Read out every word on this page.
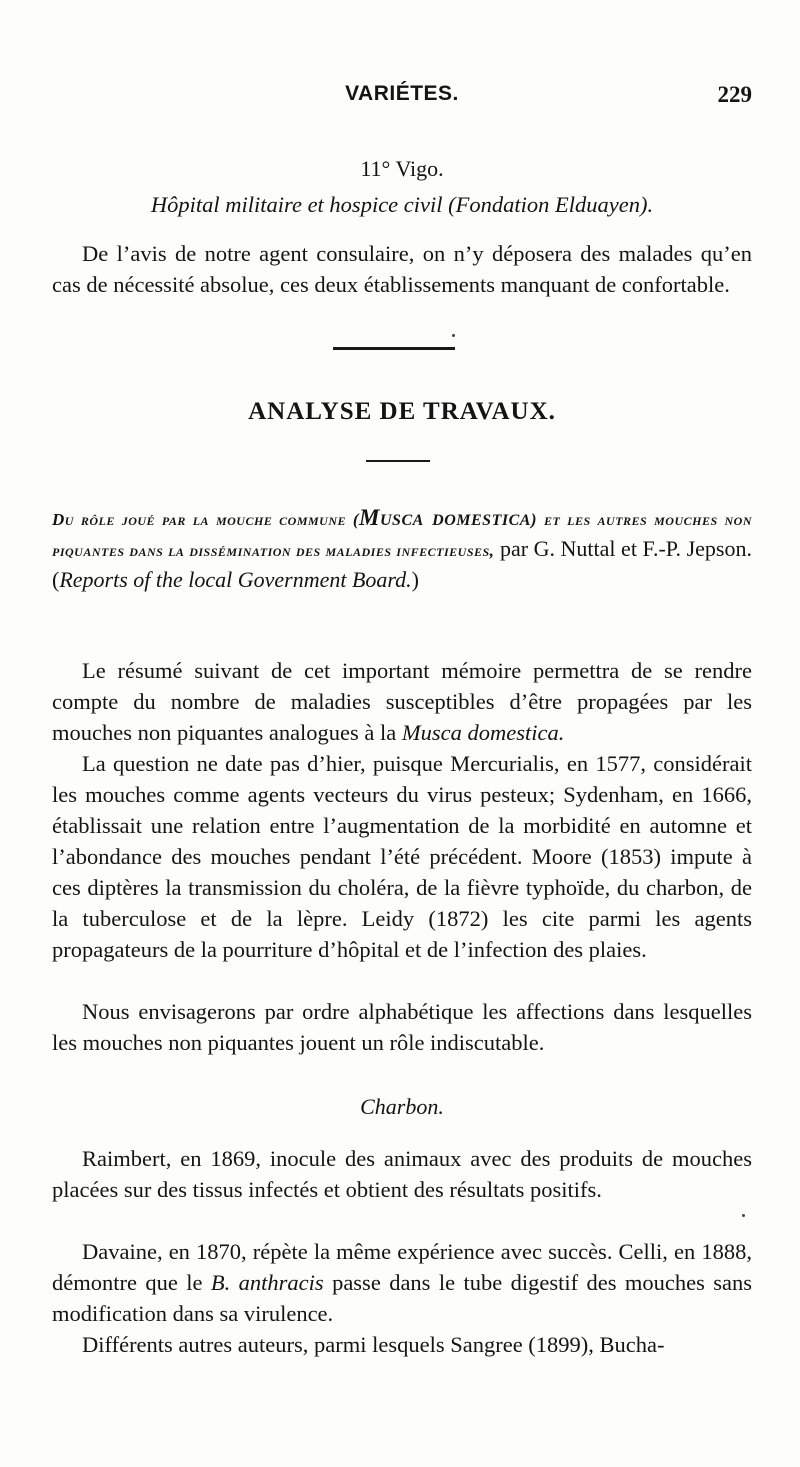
VARIÉTES.	229
11° Vigo.
Hôpital militaire et hospice civil (Fondation Elduayen).
De l’avis de notre agent consulaire, on n’y déposera des malades qu’en cas de nécessité absolue, ces deux établissements manquant de confortable.
ANALYSE DE TRAVAUX.
Du rôle joué par la mouche commune (Musca domestica) et les autres mouches non piquantes dans la dissémination des maladies infectieuses, par G. Nuttal et F.-P. Jepson. (Reports of the local Government Board.)
Le résumé suivant de cet important mémoire permettra de se rendre compte du nombre de maladies susceptibles d’être propagées par les mouches non piquantes analogues à la Musca domestica.
La question ne date pas d’hier, puisque Mercurialis, en 1577, considérait les mouches comme agents vecteurs du virus pesteux; Sydenham, en 1666, établissait une relation entre l’augmentation de la morbidité en automne et l’abondance des mouches pendant l’été précédent. Moore (1853) impute à ces diptères la transmission du choléra, de la fièvre typhoïde, du charbon, de la tuberculose et de la lèpre. Leidy (1872) les cite parmi les agents propagateurs de la pourriture d’hôpital et de l’infection des plaies.
Nous envisagerons par ordre alphabétique les affections dans lesquelles les mouches non piquantes jouent un rôle indiscutable.
Charbon.
Raimbert, en 1869, inocule des animaux avec des produits de mouches placées sur des tissus infectés et obtient des résultats positifs.
Davaine, en 1870, répète la même expérience avec succès. Celli, en 1888, démontre que le B. anthracis passe dans le tube digestif des mouches sans modification dans sa virulence.
Différents autres auteurs, parmi lesquels Sangree (1899), Bucha-
